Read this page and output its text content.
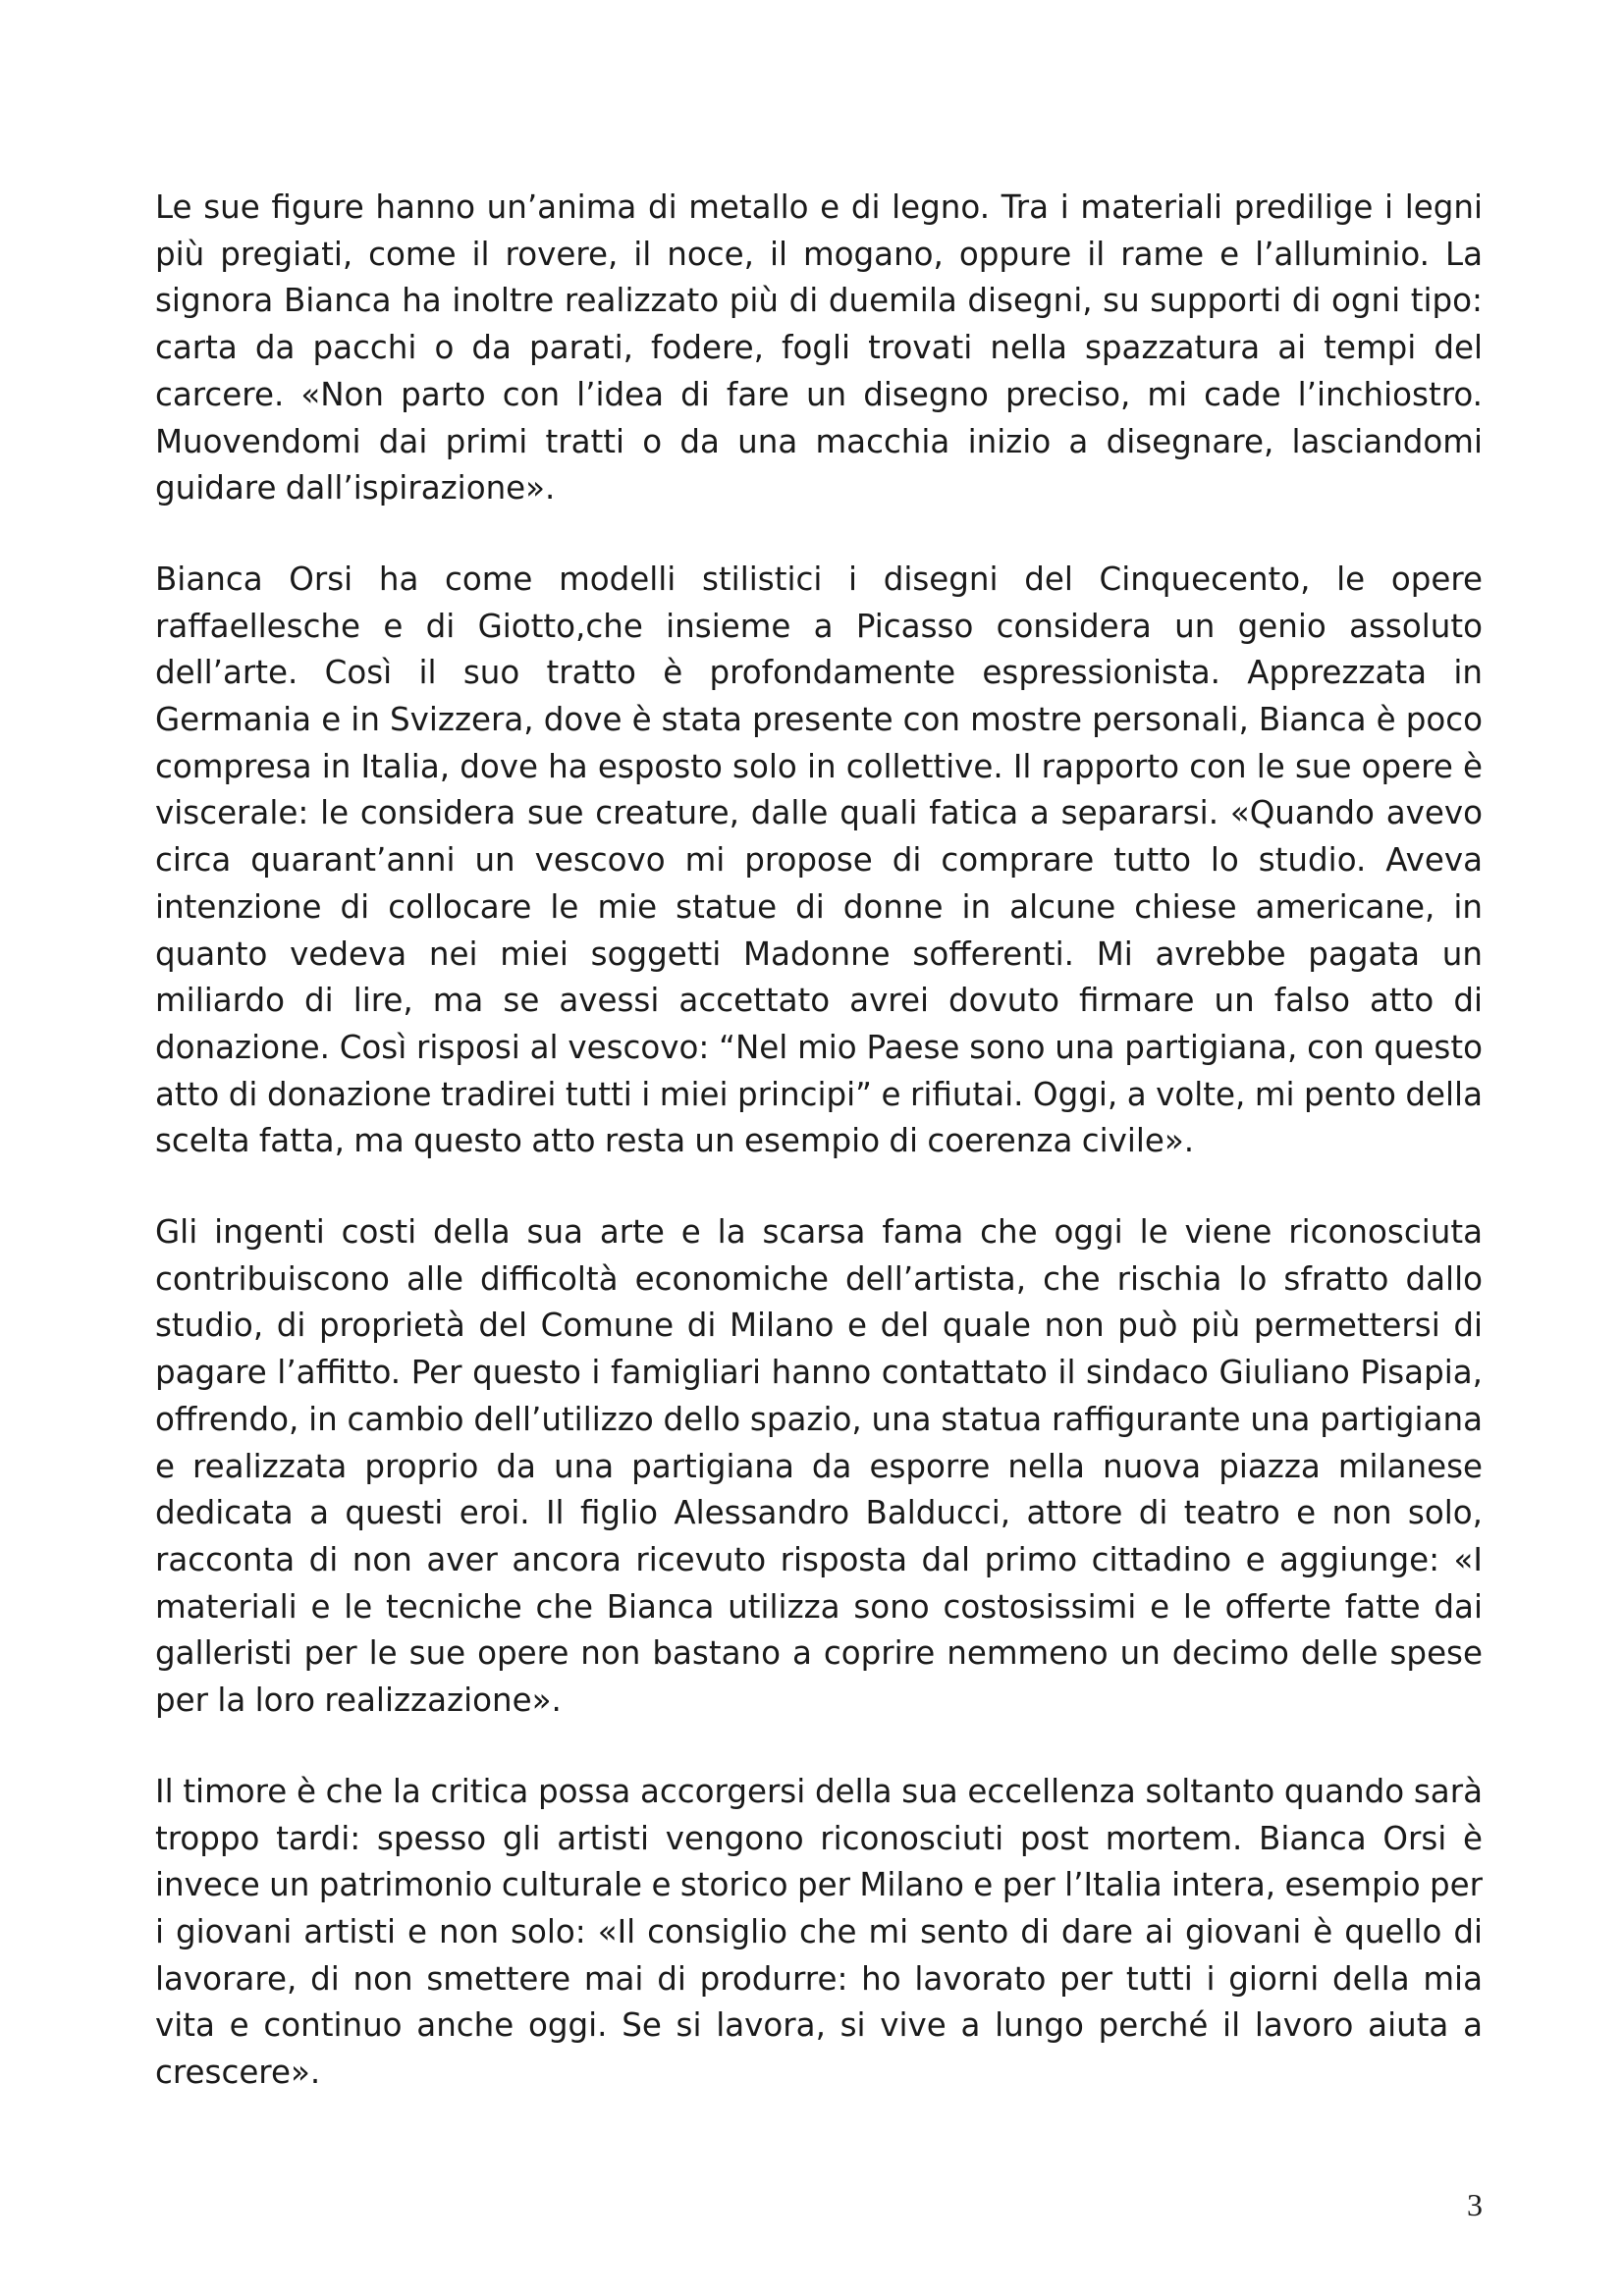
Le sue figure hanno un’anima di metallo e di legno. Tra i materiali predilige i legni più pregiati, come il rovere, il noce, il mogano, oppure il rame e l’alluminio. La signora Bianca ha inoltre realizzato più di duemila disegni, su supporti di ogni tipo: carta da pacchi o da parati, fodere, fogli trovati nella spazzatura ai tempi del carcere. «Non parto con l’idea di fare un disegno preciso, mi cade l’inchiostro. Muovendomi dai primi tratti o da una macchia inizio a disegnare, lasciandomi guidare dall’ispirazione».

Bianca Orsi ha come modelli stilistici i disegni del Cinquecento, le opere raffaellesche e di Giotto,che insieme a Picasso considera un genio assoluto dell’arte. Così il suo tratto è profondamente espressionista. Apprezzata in Germania e in Svizzera, dove è stata presente con mostre personali, Bianca è poco compresa in Italia, dove ha esposto solo in collettive. Il rapporto con le sue opere è viscerale: le considera sue creature, dalle quali fatica a separarsi. «Quando avevo circa quarant’anni un vescovo mi propose di comprare tutto lo studio. Aveva intenzione di collocare le mie statue di donne in alcune chiese americane, in quanto vedeva nei miei soggetti Madonne sofferenti. Mi avrebbe pagata un miliardo di lire, ma se avessi accettato avrei dovuto firmare un falso atto di donazione. Così risposi al vescovo: “Nel mio Paese sono una partigiana, con questo atto di donazione tradirei tutti i miei principi” e rifiutai. Oggi, a volte, mi pento della scelta fatta, ma questo atto resta un esempio di coerenza civile».

Gli ingenti costi della sua arte e la scarsa fama che oggi le viene riconosciuta contribuiscono alle difficoltà economiche dell’artista, che rischia lo sfratto dallo studio, di proprietà del Comune di Milano e del quale non può più permettersi di pagare l’affitto. Per questo i famigliari hanno contattato il sindaco Giuliano Pisapia, offrendo, in cambio dell’utilizzo dello spazio, una statua raffigurante una partigiana e realizzata proprio da una partigiana da esporre nella nuova piazza milanese dedicata a questi eroi. Il figlio Alessandro Balducci, attore di teatro e non solo, racconta di non aver ancora ricevuto risposta dal primo cittadino e aggiunge: «I materiali e le tecniche che Bianca utilizza sono costosissimi e le offerte fatte dai galleristi per le sue opere non bastano a coprire nemmeno un decimo delle spese per la loro realizzazione».

Il timore è che la critica possa accorgersi della sua eccellenza soltanto quando sarà troppo tardi: spesso gli artisti vengono riconosciuti post mortem. Bianca Orsi è invece un patrimonio culturale e storico per Milano e per l’Italia intera, esempio per i giovani artisti e non solo: «Il consiglio che mi sento di dare ai giovani è quello di lavorare, di non smettere mai di produrre: ho lavorato per tutti i giorni della mia vita e continuo anche oggi. Se si lavora, si vive a lungo perché il lavoro aiuta a crescere».

3
